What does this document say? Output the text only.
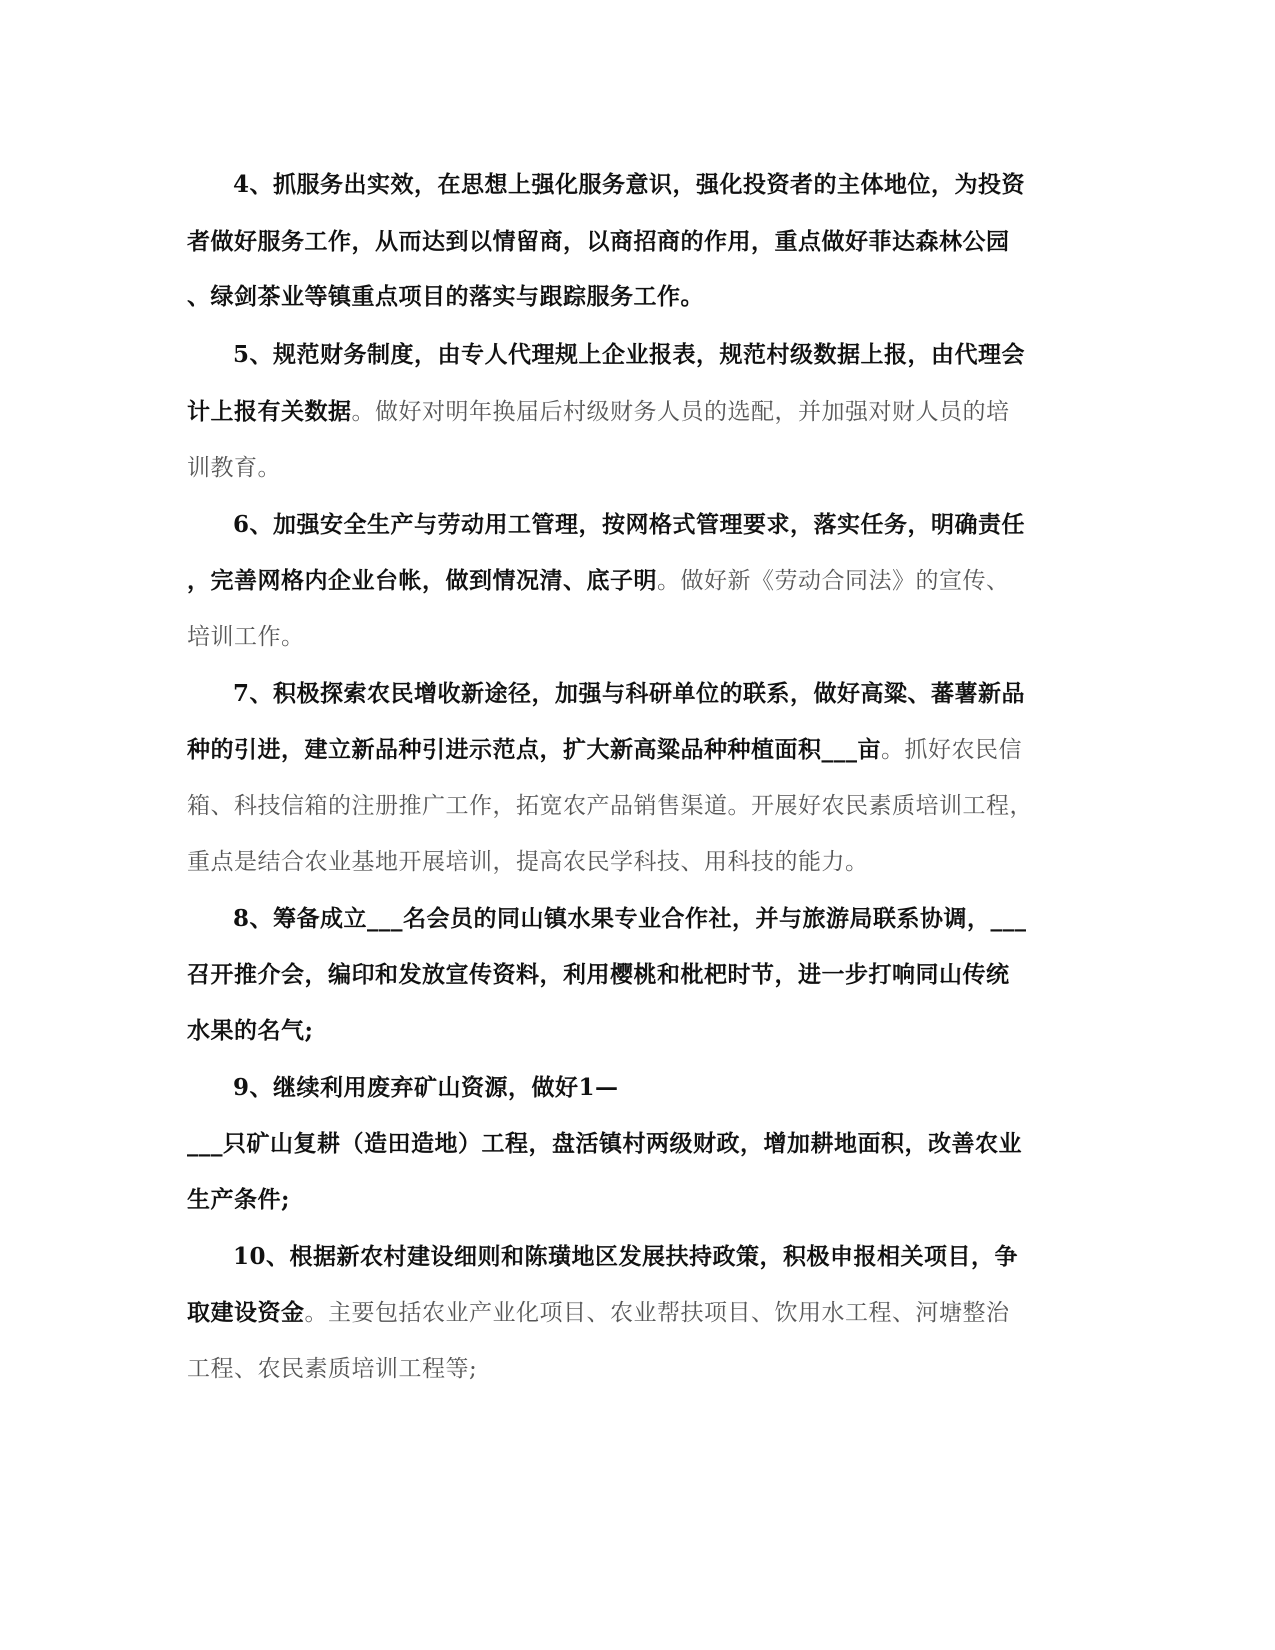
4、抓服务出实效，在思想上强化服务意识，强化投资者的主体地位，为投资
者做好服务工作，从而达到以情留商，以商招商的作用，重点做好菲达森林公园
、绿剑茶业等镇重点项目的落实与跟踪服务工作。
5、规范财务制度，由专人代理规上企业报表，规范村级数据上报，由代理会
计上报有关数据。做好对明年换届后村级财务人员的选配，并加强对财人员的培
训教育。
6、加强安全生产与劳动用工管理，按网格式管理要求，落实任务，明确责任
，完善网格内企业台帐，做到情况清、底子明。做好新《劳动合同法》的宣传、
培训工作。
7、积极探索农民增收新途径，加强与科研单位的联系，做好高粱、蕃薯新品
种的引进，建立新品种引进示范点，扩大新高粱品种种植面积___亩。抓好农民信
箱、科技信箱的注册推广工作，拓宽农产品销售渠道。开展好农民素质培训工程，
重点是结合农业基地开展培训，提高农民学科技、用科技的能力。
8、筹备成立___名会员的同山镇水果专业合作社，并与旅游局联系协调，___
召开推介会，编印和发放宣传资料，利用樱桃和枇杷时节，进一步打响同山传统
水果的名气;
9、继续利用废弃矿山资源，做好1—
___只矿山复耕（造田造地）工程，盘活镇村两级财政，增加耕地面积，改善农业
生产条件;
10、根据新农村建设细则和陈璜地区发展扶持政策，积极申报相关项目，争
取建设资金。主要包括农业产业化项目、农业帮扶项目、饮用水工程、河塘整治
工程、农民素质培训工程等;
